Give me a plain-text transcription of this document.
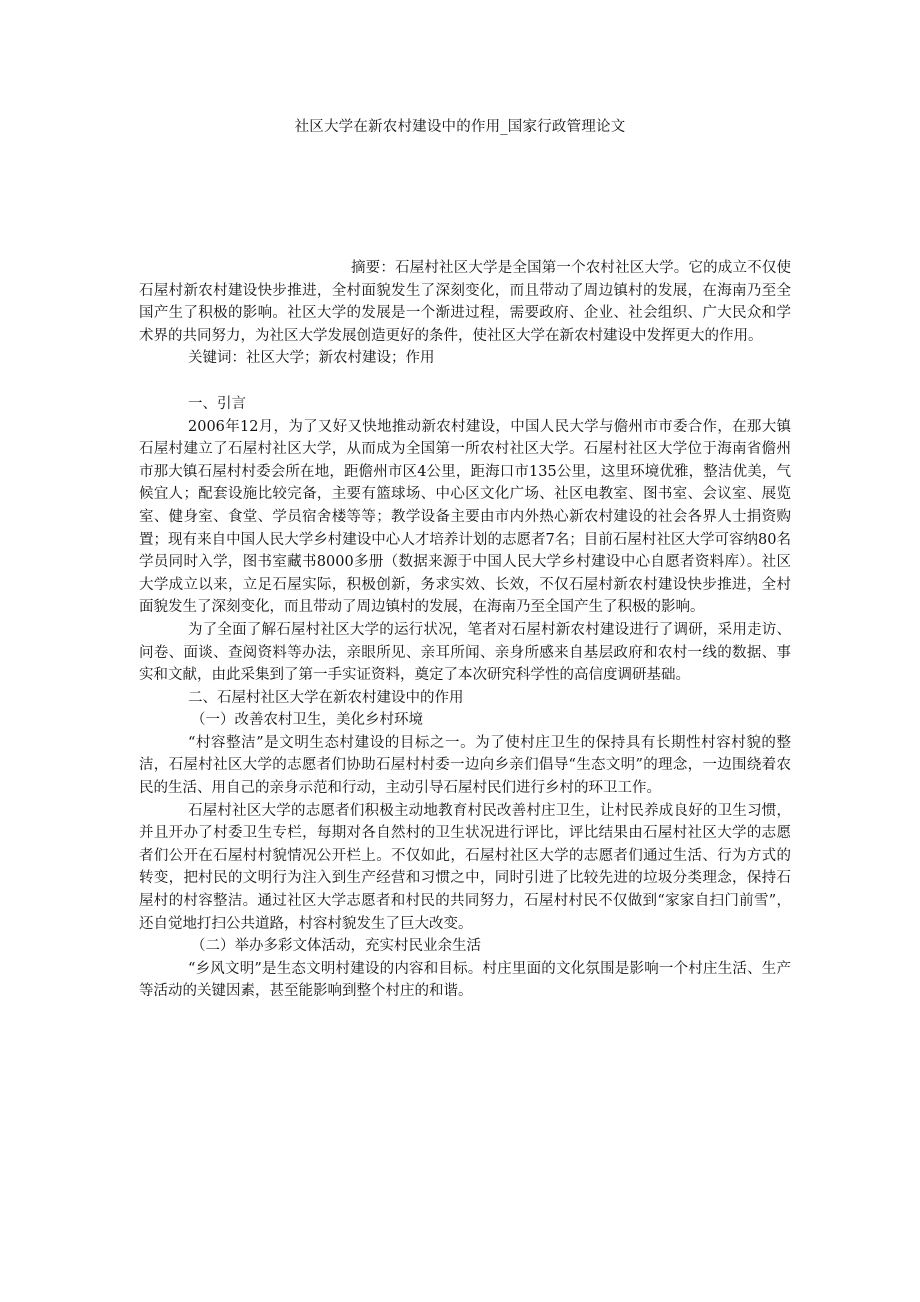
社区大学在新农村建设中的作用_国家行政管理论文

摘要：石屋村社区大学是全国第一个农村社区大学。它的成立不仅使石屋村新农村建设快步推进，全村面貌发生了深刻变化，而且带动了周边镇村的发展，在海南乃至全国产生了积极的影响。社区大学的发展是一个渐进过程，需要政府、企业、社会组织、广大民众和学术界的共同努力，为社区大学发展创造更好的条件，使社区大学在新农村建设中发挥更大的作用。

关键词：社区大学；新农村建设；作用

一、引言

2006年12月，为了又好又快地推动新农村建设，中国人民大学与儋州市市委合作，在那大镇石屋村建立了石屋村社区大学，从而成为全国第一所农村社区大学。石屋村社区大学位于海南省儋州市那大镇石屋村村委会所在地，距儋州市区4公里，距海口市135公里，这里环境优雅，整洁优美，气候宜人；配套设施比较完备，主要有篮球场、中心区文化广场、社区电教室、图书室、会议室、展览室、健身室、食堂、学员宿舍楼等等；教学设备主要由市内外热心新农村建设的社会各界人士捐资购置；现有来自中国人民大学乡村建设中心人才培养计划的志愿者7名；目前石屋村社区大学可容纳80名学员同时入学，图书室藏书8000多册（数据来源于中国人民大学乡村建设中心自愿者资料库）。社区大学成立以来，立足石屋实际，积极创新，务求实效、长效，不仅石屋村新农村建设快步推进，全村面貌发生了深刻变化，而且带动了周边镇村的发展，在海南乃至全国产生了积极的影响。

为了全面了解石屋村社区大学的运行状况，笔者对石屋村新农村建设进行了调研，采用走访、问卷、面谈、查阅资料等办法，亲眼所见、亲耳所闻、亲身所感来自基层政府和农村一线的数据、事实和文献，由此采集到了第一手实证资料，奠定了本次研究科学性的高信度调研基础。

二、石屋村社区大学在新农村建设中的作用

（一）改善农村卫生，美化乡村环境

“村容整洁”是文明生态村建设的目标之一。为了使村庄卫生的保持具有长期性村容村貌的整洁，石屋村社区大学的志愿者们协助石屋村村委一边向乡亲们倡导“生态文明”的理念，一边围绕着农民的生活、用自己的亲身示范和行动，主动引导石屋村民们进行乡村的环卫工作。

石屋村社区大学的志愿者们积极主动地教育村民改善村庄卫生，让村民养成良好的卫生习惯，并且开办了村委卫生专栏，每期对各自然村的卫生状况进行评比，评比结果由石屋村社区大学的志愿者们公开在石屋村村貌情况公开栏上。不仅如此，石屋村社区大学的志愿者们通过生活、行为方式的转变，把村民的文明行为注入到生产经营和习惯之中，同时引进了比较先进的垃圾分类理念，保持石屋村的村容整洁。通过社区大学志愿者和村民的共同努力，石屋村村民不仅做到“家家自扫门前雪”，还自觉地打扫公共道路，村容村貌发生了巨大改变。

（二）举办多彩文体活动，充实村民业余生活

“乡风文明”是生态文明村建设的内容和目标。村庄里面的文化氛围是影响一个村庄生活、生产等活动的关键因素，甚至能影响到整个村庄的和谐。
